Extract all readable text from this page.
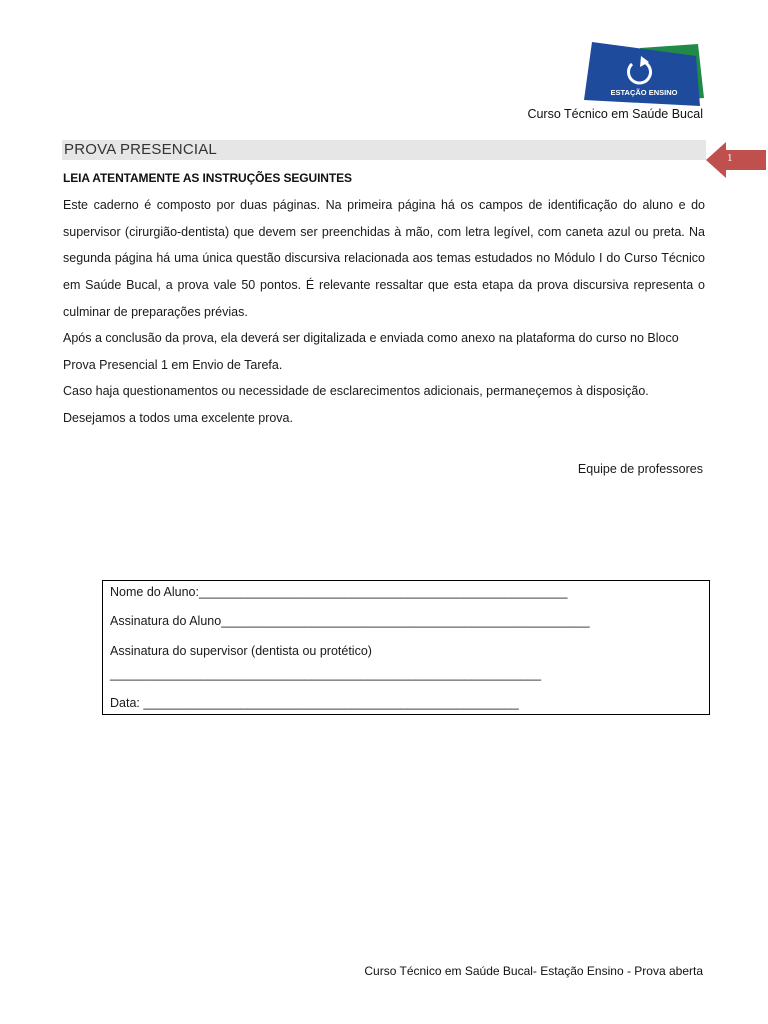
ESTAÇÃO ENSINO
Curso Técnico em Saúde Bucal
PROVA PRESENCIAL	1
LEIA ATENTAMENTE AS INSTRUÇÕES SEGUINTES

Este caderno é composto por duas páginas. Na primeira página há os campos de identificação do aluno e do supervisor (cirurgião-dentista) que devem ser preenchidas à mão, com letra legível, com caneta azul ou preta. Na segunda página há uma única questão discursiva relacionada aos temas estudados no Módulo I do Curso Técnico em Saúde Bucal, a prova vale 50 pontos. É relevante ressaltar que esta etapa da prova discursiva representa o culminar de preparações prévias.

Após a conclusão da prova, ela deverá ser digitalizada e enviada como anexo na plataforma do curso no Bloco Prova Presencial 1 em Envio de Tarefa.

Caso haja questionamentos ou necessidade de esclarecimentos adicionais, permaneçemos à disposição. Desejamos a todos uma excelente prova.

Equipe de professores
Nome do Aluno:_____________________________________________________
Assinatura do Aluno_____________________________________________________
Assinatura do supervisor (dentista ou protético)
______________________________________________________________
Data: ______________________________________________________
Curso Técnico em Saúde Bucal- Estação Ensino - Prova aberta
